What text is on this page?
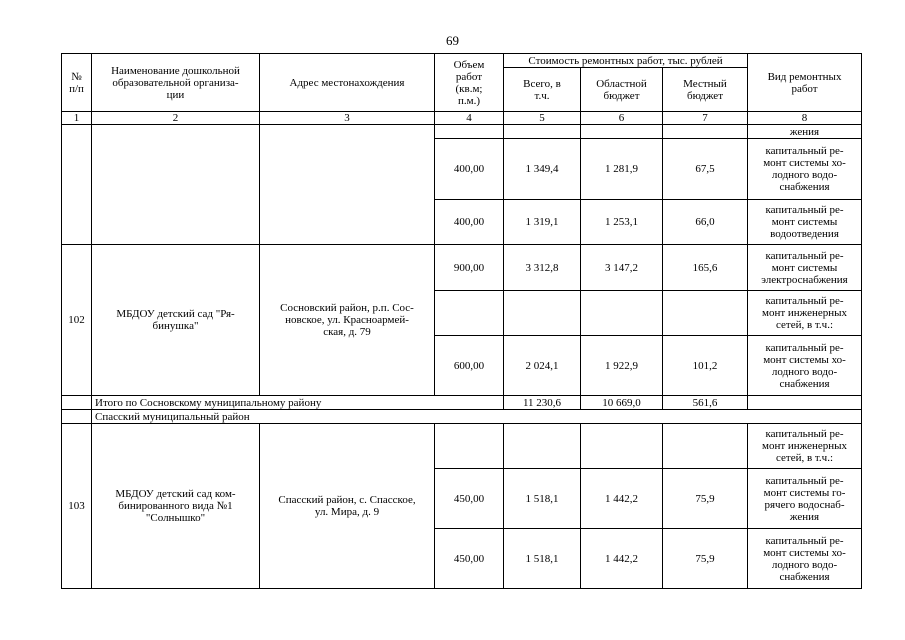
69
№
п/п	Наименование дошкольной
образовательной организа-
ции	Адрес местонахождения	Объем
работ
(кв.м;
п.м.)	Стоимость ремонтных работ, тыс. рублей			Вид ремонтных
работ
				Всего, в
т.ч.	Областной
бюджет	Местный
бюджет	
1	2	3	4	5	6	7	8
							жения
			400,00	1 349,4	1 281,9	67,5	капитальный ре-
монт системы хо-
лодного водо-
снабжения
			400,00	1 319,1	1 253,1	66,0	капитальный ре-
монт системы
водоотведения
102	МБДОУ детский сад "Ря-
бинушка"	Сосновский район, р.п. Сос-
новское, ул. Красноармей-
ская, д. 79	900,00	3 312,8	3 147,2	165,6	капитальный ре-
монт системы
электроснабжения
							капитальный ре-
монт инженерных
сетей, в т.ч.:
			600,00	2 024,1	1 922,9	101,2	капитальный ре-
монт системы хо-
лодного водо-
снабжения
	Итого по Сосновскому муниципальному району			11 230,6	10 669,0	561,6	
	Спасский муниципальный район						
103	МБДОУ детский сад ком-
бинированного вида №1
"Солнышко"	Спасский район, с. Спасское,
ул. Мира, д. 9					капитальный ре-
монт инженерных
сетей, в т.ч.:
			450,00	1 518,1	1 442,2	75,9	капитальный ре-
монт системы го-
рячего водоснаб-
жения
			450,00	1 518,1	1 442,2	75,9	капитальный ре-
монт системы хо-
лодного водо-
снабжения
